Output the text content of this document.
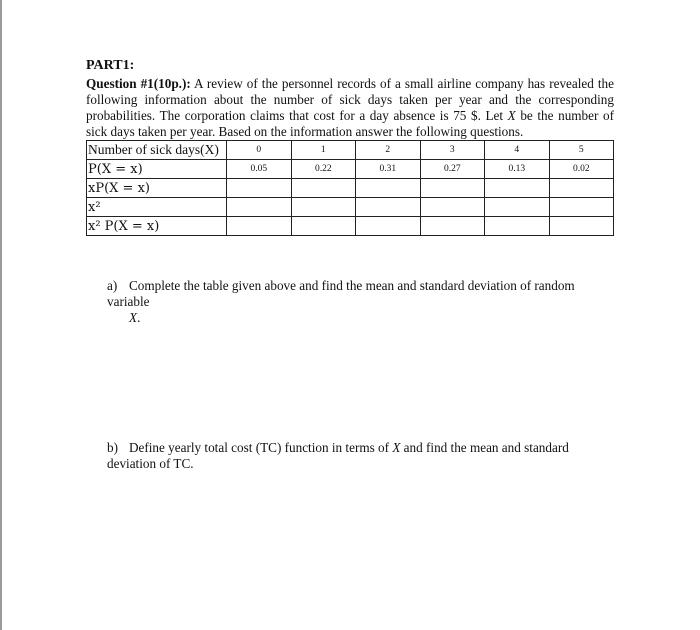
PART1:

Question #1(10p.): A review of the personnel records of a small airline company has revealed the following information about the number of sick days taken per year and the corresponding probabilities. The corporation claims that cost for a day absence is 75 $. Let X be the number of sick days taken per year. Based on the information answer the following questions.

Number of sick days(X)	0	1	2	3	4	5
P(X = x)	0.05	0.22	0.31	0.27	0.13	0.02
xP(X = x)						
x²						
x² P(X = x)						
a) Complete the table given above and find the mean and standard deviation of random variable
X.
b) Define yearly total cost (TC) function in terms of X and find the mean and standard deviation of TC.
